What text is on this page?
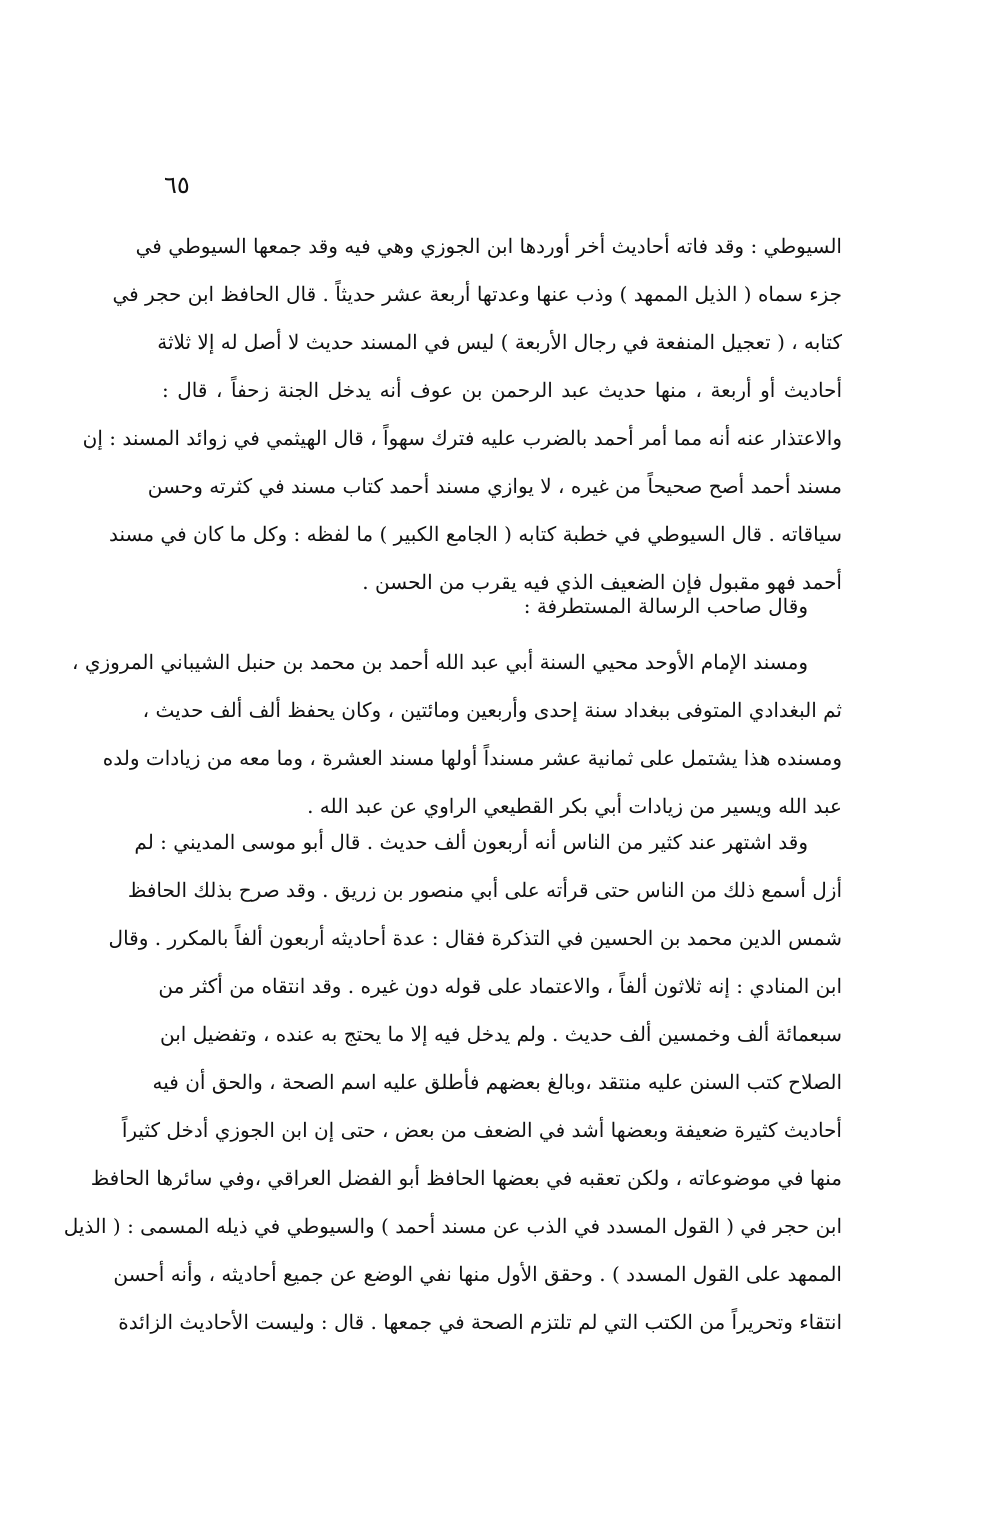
٦٥
السيوطي : وقد فاته أحاديث أخر أوردها ابن الجوزي وهي فيه وقد جمعها السيوطي في
جزء سماه ( الذيل الممهد ) وذب عنها وعدتها أربعة عشر حديثاً . قال الحافظ ابن حجر في
كتابه ، ( تعجيل المنفعة في رجال الأربعة ) ليس في المسند حديث لا أصل له إلا ثلاثة
أحاديث أو أربعة ، منها حديث عبد الرحمن بن عوف أنه يدخل الجنة زحفاً ، قال :
والاعتذار عنه أنه مما أمر أحمد بالضرب عليه فترك سهواً ، قال الهيثمي في زوائد المسند : إن
مسند أحمد أصح صحيحاً من غيره ، لا يوازي مسند أحمد كتاب مسند في كثرته وحسن
سياقاته . قال السيوطي في خطبة كتابه ( الجامع الكبير ) ما لفظه : وكل ما كان في مسند
أحمد فهو مقبول فإن الضعيف الذي فيه يقرب من الحسن .
وقال صاحب الرسالة المستطرفة :
ومسند الإمام الأوحد محيي السنة أبي عبد الله أحمد بن محمد بن حنبل الشيباني المروزي ،
ثم البغدادي المتوفى ببغداد سنة إحدى وأربعين ومائتين ، وكان يحفظ ألف ألف حديث ،
ومسنده هذا يشتمل على ثمانية عشر مسنداً أولها مسند العشرة ، وما معه من زيادات ولده
عبد الله ويسير من زيادات أبي بكر القطيعي الراوي عن عبد الله .
وقد اشتهر عند كثير من الناس أنه أربعون ألف حديث . قال أبو موسى المديني : لم
أزل أسمع ذلك من الناس حتى قرأته على أبي منصور بن زريق . وقد صرح بذلك الحافظ
شمس الدين محمد بن الحسين في التذكرة فقال : عدة أحاديثه أربعون ألفاً بالمكرر . وقال
ابن المنادي : إنه ثلاثون ألفاً ، والاعتماد على قوله دون غيره . وقد انتقاه من أكثر من
سبعمائة ألف وخمسين ألف حديث . ولم يدخل فيه إلا ما يحتج به عنده ، وتفضيل ابن
الصلاح كتب السنن عليه منتقد ،وبالغ بعضهم فأطلق عليه اسم الصحة ، والحق أن فيه
أحاديث كثيرة ضعيفة وبعضها أشد في الضعف من بعض ، حتى إن ابن الجوزي أدخل كثيراً
منها في موضوعاته ، ولكن تعقبه في بعضها الحافظ أبو الفضل العراقي ،وفي سائرها الحافظ
ابن حجر في ( القول المسدد في الذب عن مسند أحمد ) والسيوطي في ذيله المسمى : ( الذيل
الممهد على القول المسدد ) . وحقق الأول منها نفي الوضع عن جميع أحاديثه ، وأنه أحسن
انتقاء وتحريراً من الكتب التي لم تلتزم الصحة في جمعها . قال : وليست الأحاديث الزائدة
